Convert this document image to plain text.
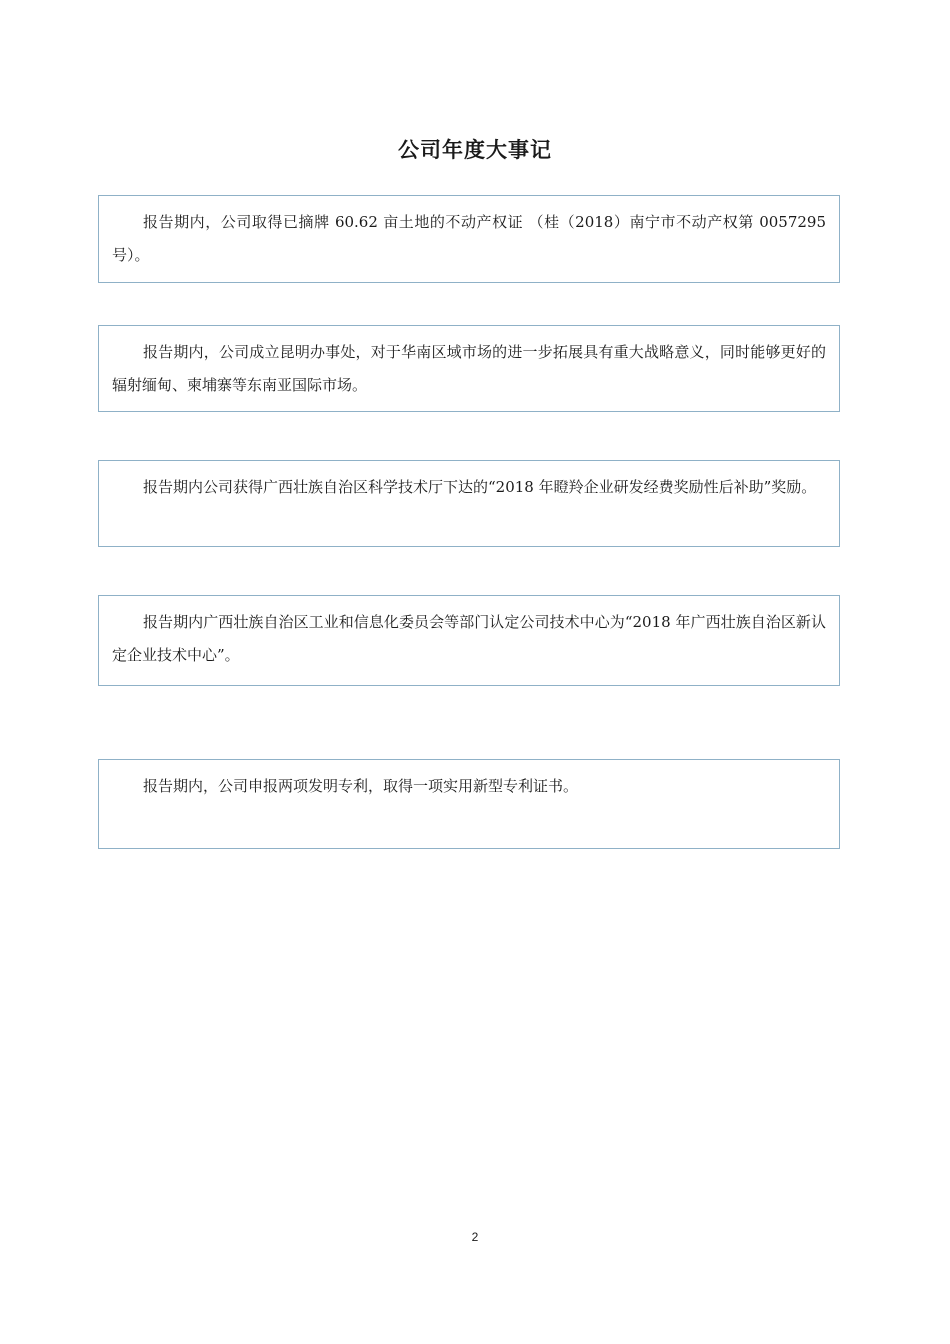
公司年度大事记

报告期内，公司取得已摘牌 60.62 亩土地的不动产权证 （桂（2018）南宁市不动产权第 0057295 号）。

报告期内，公司成立昆明办事处，对于华南区域市场的进一步拓展具有重大战略意义，同时能够更好的辐射缅甸、柬埔寨等东南亚国际市场。

报告期内公司获得广西壮族自治区科学技术厅下达的“2018 年瞪羚企业研发经费奖励性后补助”奖励。

报告期内广西壮族自治区工业和信息化委员会等部门认定公司技术中心为“2018 年广西壮族自治区新认定企业技术中心”。

报告期内，公司申报两项发明专利，取得一项实用新型专利证书。

2
